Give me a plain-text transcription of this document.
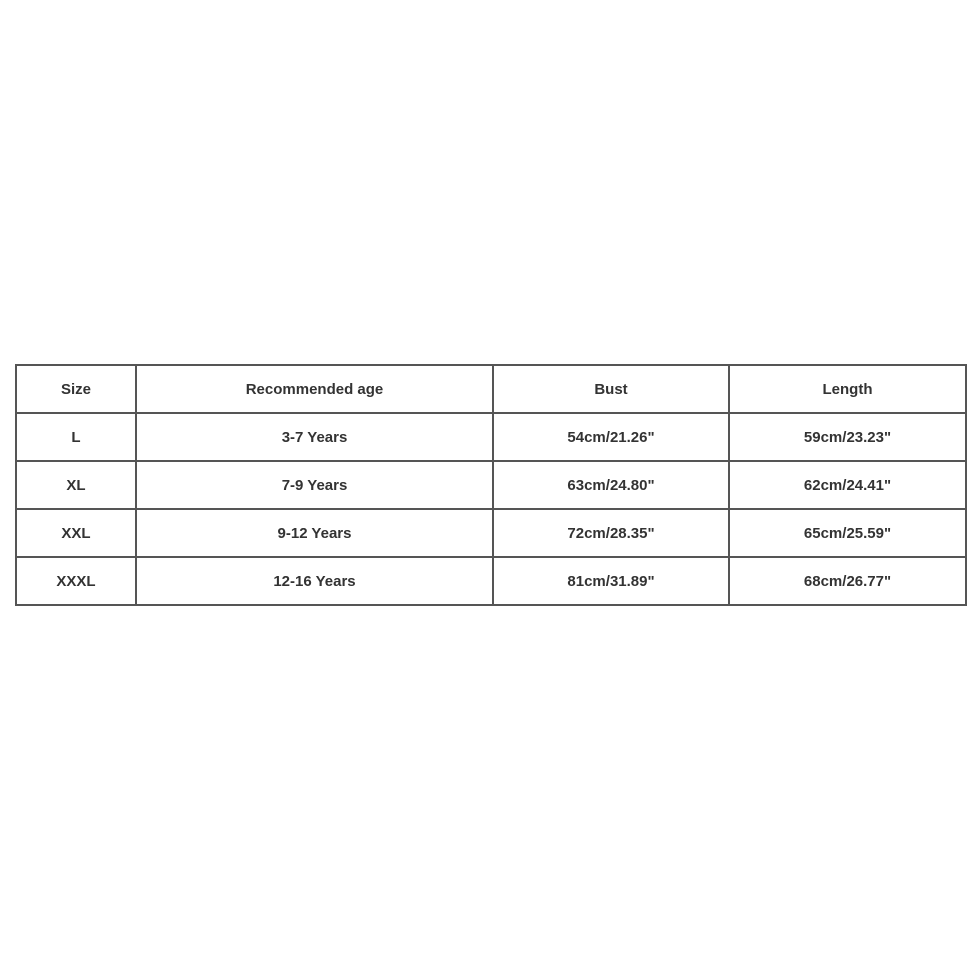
Size	Recommended age	Bust	Length
L	3-7 Years	54cm/21.26"	59cm/23.23"
XL	7-9 Years	63cm/24.80"	62cm/24.41"
XXL	9-12 Years	72cm/28.35"	65cm/25.59"
XXXL	12-16 Years	81cm/31.89"	68cm/26.77"
